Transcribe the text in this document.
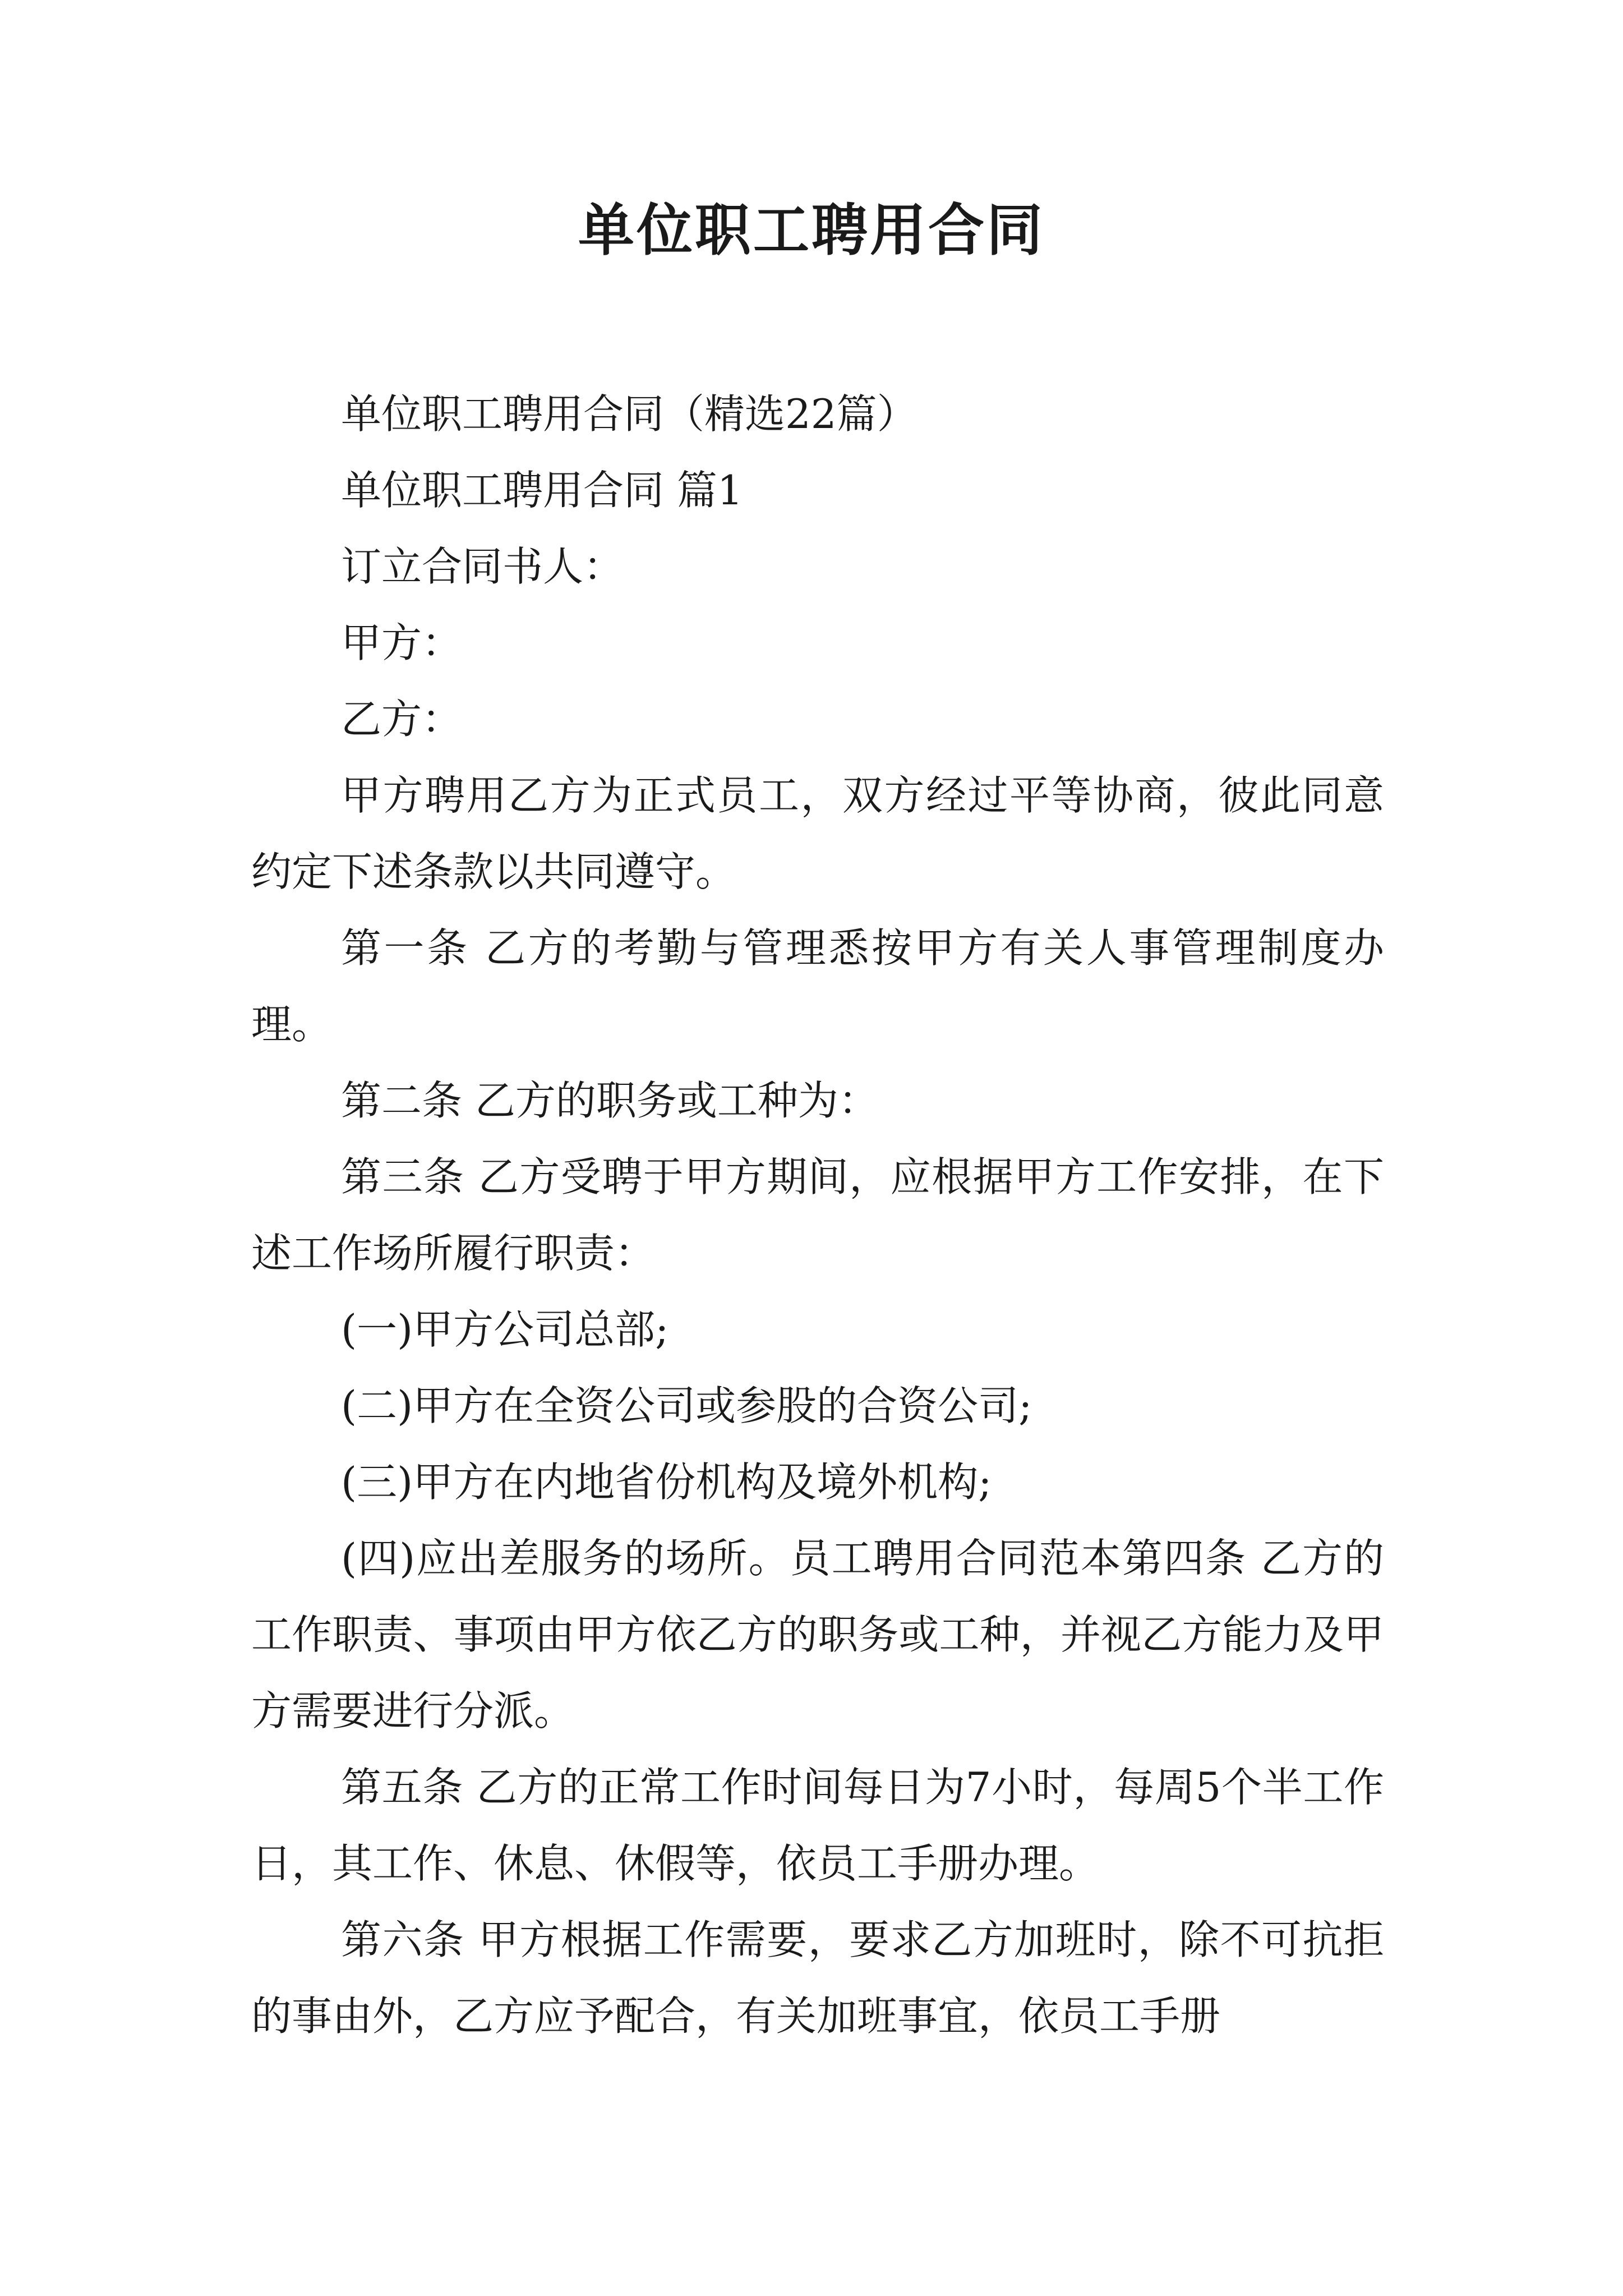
单位职工聘用合同

单位职工聘用合同（精选22篇）

单位职工聘用合同 篇1

订立合同书人：

甲方：

乙方：

甲方聘用乙方为正式员工，双方经过平等协商，彼此同意约定下述条款以共同遵守。

第一条 乙方的考勤与管理悉按甲方有关人事管理制度办理。

第二条 乙方的职务或工种为：

第三条 乙方受聘于甲方期间，应根据甲方工作安排，在下述工作场所履行职责：

(一)甲方公司总部;

(二)甲方在全资公司或参股的合资公司;

(三)甲方在内地省份机构及境外机构;

(四)应出差服务的场所。员工聘用合同范本第四条 乙方的工作职责、事项由甲方依乙方的职务或工种，并视乙方能力及甲方需要进行分派。

第五条 乙方的正常工作时间每日为7小时，每周5个半工作日，其工作、休息、休假等，依员工手册办理。

第六条 甲方根据工作需要，要求乙方加班时，除不可抗拒的事由外，乙方应予配合，有关加班事宜，依员工手册
